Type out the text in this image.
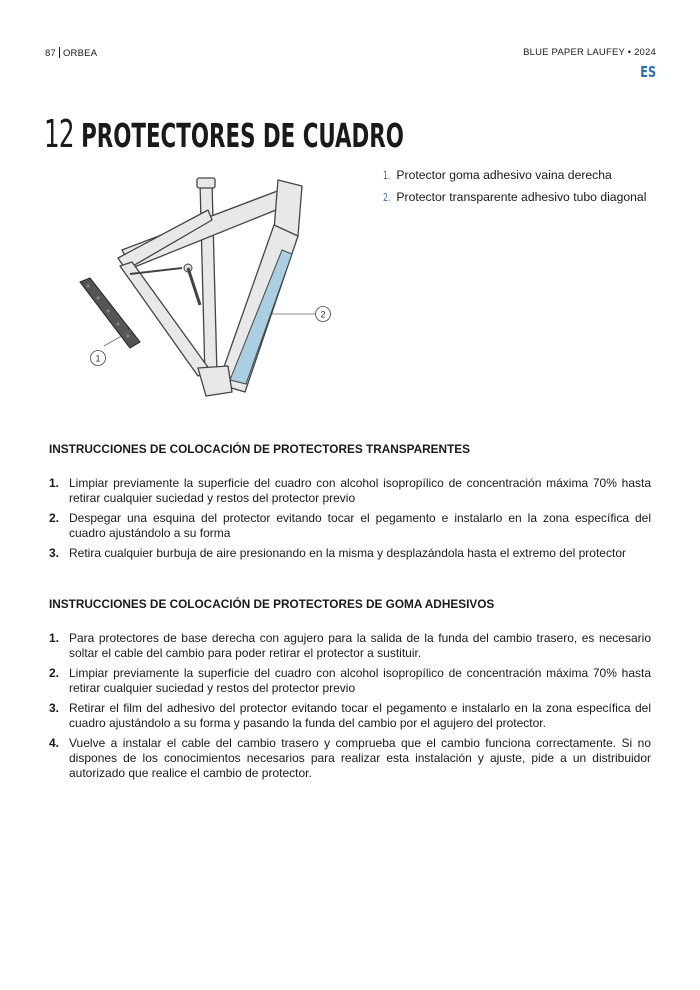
87 ORBEA	BLUE PAPER LAUFEY • 2024
ES
12 PROTECTORES DE CUADRO
1
2
1. Protector goma adhesivo vaina derecha
2. Protector transparente adhesivo tubo diagonal
INSTRUCCIONES DE COLOCACIÓN DE PROTECTORES TRANSPARENTES
1. Limpiar previamente la superficie del cuadro con alcohol isopropílico de concentración máxima 70% hasta retirar cualquier suciedad y restos del protector previo
2. Despegar una esquina del protector evitando tocar el pegamento e instalarlo en la zona específica del cuadro ajustándolo a su forma
3. Retira cualquier burbuja de aire presionando en la misma y desplazándola hasta el extremo del protector
INSTRUCCIONES DE COLOCACIÓN DE PROTECTORES DE GOMA ADHESIVOS
1. Para protectores de base derecha con agujero para la salida de la funda del cambio trasero, es necesario soltar el cable del cambio para poder retirar el protector a sustituir.
2. Limpiar previamente la superficie del cuadro con alcohol isopropílico de concentración máxima 70% hasta retirar cualquier suciedad y restos del protector previo
3. Retirar el film del adhesivo del protector evitando tocar el pegamento e instalarlo en la zona específica del cuadro ajustándolo a su forma y pasando la funda del cambio por el agujero del protector.
4. Vuelve a instalar el cable del cambio trasero y comprueba que el cambio funciona correctamente. Si no dispones de los conocimientos necesarios para realizar esta instalación y ajuste, pide a un distribuidor autorizado que realice el cambio de protector.
